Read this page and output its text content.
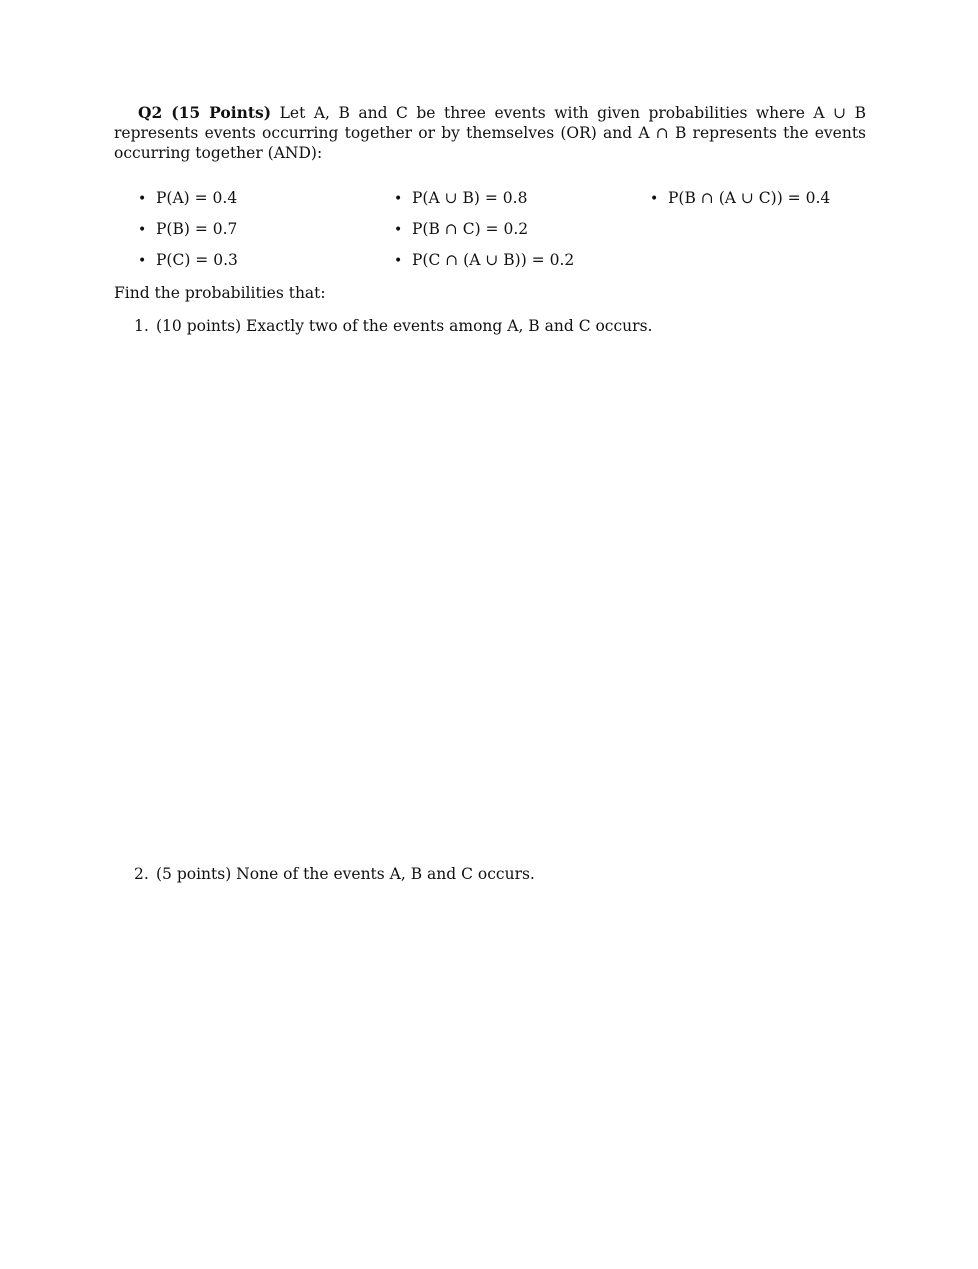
Q2 (15 Points) Let A, B and C be three events with given probabilities where A ∪ B represents events occurring together or by themselves (OR) and A ∩ B represents the events occurring together (AND):
• P(A) = 0.4
• P(B) = 0.7
• P(C) = 0.3
• P(A ∪ B) = 0.8
• P(B ∩ C) = 0.2
• P(C ∩ (A ∪ B)) = 0.2
• P(B ∩ (A ∪ C)) = 0.4
Find the probabilities that:
1. (10 points) Exactly two of the events among A, B and C occurs.
2. (5 points) None of the events A, B and C occurs.
